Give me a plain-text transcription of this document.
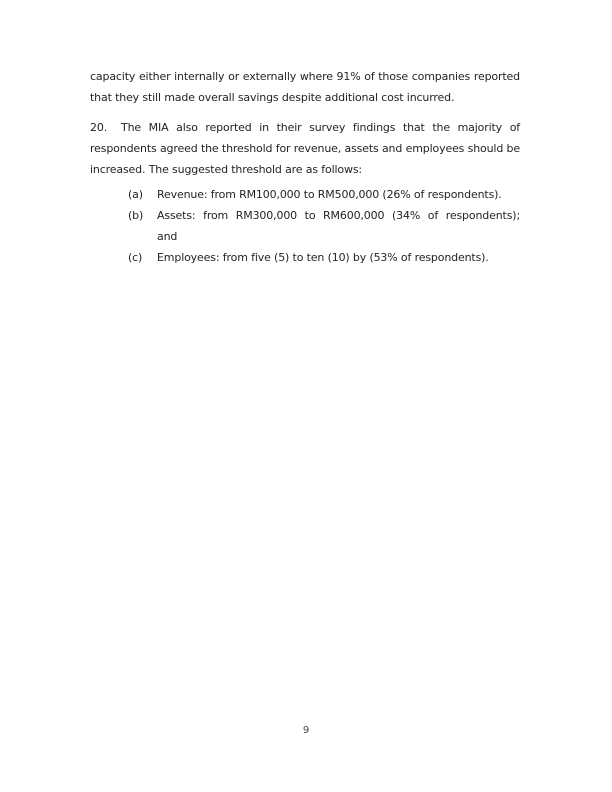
capacity either internally or externally where 91% of those companies reported that they still made overall savings despite additional cost incurred.

20. The MIA also reported in their survey findings that the majority of respondents agreed the threshold for revenue, assets and employees should be increased. The suggested threshold are as follows:

(a)	Revenue: from RM100,000 to RM500,000 (26% of respondents).
(b)	Assets: from RM300,000 to RM600,000 (34% of respondents);
and
(c)	Employees: from five (5) to ten (10) by (53% of respondents).
9
